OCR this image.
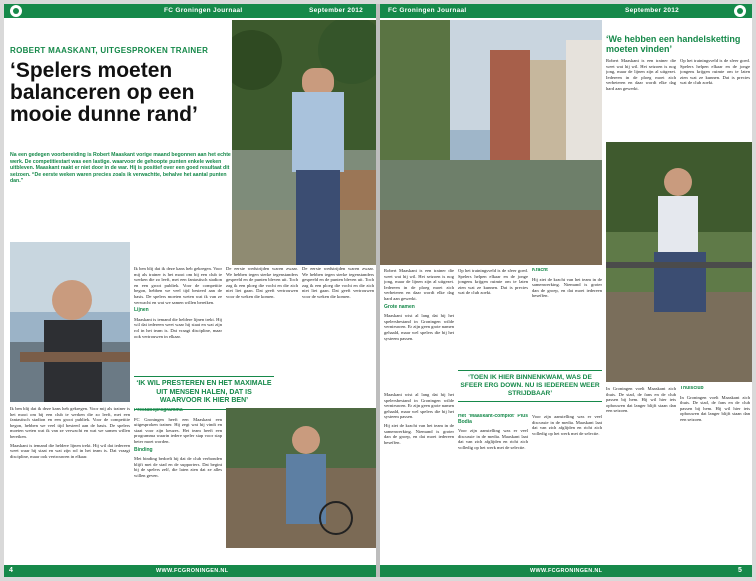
FC Groningen Journaal	September 2012
ROBERT MAASKANT, UITGESPROKEN TRAINER
‘Spelers moeten balanceren op een mooie dunne rand’
Na een gedegen voorbereiding is Robert Maaskant vorige maand begonnen aan het echte werk. De competitiestart was een lastige. waarvoor de gehoopte punten enkele weken uitbleven. Maaskant raakt er niet door in de war. Hij is positief over een goed resultaat dit seizoen. “De eerste weken waren precies zoals ik verwachtte, behalve het aantal punten dan.”
‘IK WIL PRESTEREN EN HET MAXIMALE UIT MENSEN HALEN, DAT IS WAARVOOR IK HIER BEN’

Ik ben blij dat ik deze kans heb gekregen. Voor mij als trainer is het mooi om bij een club te werken die zo leeft, met een fantastisch stadion en een groot publiek. Voor de competitie begon, hebben we veel tijd besteed aan de basis. De spelers moeten weten wat ik van ze verwacht en wat we samen willen bereiken.

Lijnen

Maaskant is iemand die heldere lijnen trekt. Hij wil dat iedereen weet waar hij staat en wat zijn rol in het team is. Dat vraagt discipline, maar ook vertrouwen in elkaar.

De eerste wedstrijden waren zwaar. We hebben tegen sterke tegenstanders gespeeld en de punten bleven uit. Toch zag ik een ploeg die vocht en die zich niet liet gaan. Dat geeft vertrouwen voor de weken die komen.

De eerste wedstrijden waren zwaar. We hebben tegen sterke tegenstanders gespeeld en de punten bleven uit. Toch zag ik een ploeg die vocht en die zich niet liet gaan. Dat geeft vertrouwen voor de weken die komen.

Ik ben blij dat ik deze kans heb gekregen. Voor mij als trainer is het mooi om bij een club te werken die zo leeft, met een fantastisch stadion en een groot publiek. Voor de competitie begon, hebben we veel tijd besteed aan de basis. De spelers moeten weten wat ik van ze verwacht en wat we samen willen bereiken.

Maaskant is iemand die heldere lijnen trekt. Hij wil dat iedereen weet waar hij staat en wat zijn rol in het team is. Dat vraagt discipline, maar ook vertrouwen in elkaar.

Prestatieprogramma

FC Groningen heeft een Maaskant een uitgesproken trainer. Hij zegt wat hij vindt en staat voor zijn keuzes. Het team heeft een programma waarin iedere speler stap voor stap beter moet worden.

Binding

Met binding bedoelt hij dat de club verbonden blijft met de stad en de supporters. Dat begint bij de spelers zelf, die laten zien dat ze alles willen geven.

4	WWW.FCGRONINGEN.NL
FC Groningen Journaal	September 2012
‘We hebben een handelsketting moeten vinden’

Robert Maaskant is een trainer die weet wat hij wil. Het seizoen is nog jong, maar de lijnen zijn al uitgezet. Iedereen in de ploeg moet zich verbeteren en daar wordt elke dag hard aan gewerkt.

Op het trainingsveld is de sfeer goed. Spelers helpen elkaar en de jonge jongens krijgen ruimte om te laten zien wat ze kunnen. Dat is precies wat de club zoekt.

Robert Maaskant is een trainer die weet wat hij wil. Het seizoen is nog jong, maar de lijnen zijn al uitgezet. Iedereen in de ploeg moet zich verbeteren en daar wordt elke dag hard aan gewerkt.

Grote namen

Maaskant wist al lang dat hij het spelersbestand in Groningen wilde vernieuwen. Er zijn geen grote namen gehaald, maar wel spelers die bij het systeem passen.

Op het trainingsveld is de sfeer goed. Spelers helpen elkaar en de jonge jongens krijgen ruimte om te laten zien wat ze kunnen. Dat is precies wat de club zoekt.

Kracht

Hij ziet de kracht van het team in de samenwerking. Niemand is groter dan de groep, en dat moet iedereen beseffen.

‘TOEN IK HIER BINNENKWAM, WAS DE SFEER ERG DOWN. NU IS IEDEREEN WEER STRIJDBAAR’

Maaskant wist al lang dat hij het spelersbestand in Groningen wilde vernieuwen. Er zijn geen grote namen gehaald, maar wel spelers die bij het systeem passen.

Hij ziet de kracht van het team in de samenwerking. Niemand is groter dan de groep, en dat moet iedereen beseffen.

Het ‘Maaskant-complot’ Plus Bodia

Voor zijn aanstelling was er veel discussie in de media. Maaskant laat dat van zich afglijden en richt zich volledig op het werk met de selectie.

Voor zijn aanstelling was er veel discussie in de media. Maaskant laat dat van zich afglijden en richt zich volledig op het werk met de selectie.

In Groningen voelt Maaskant zich thuis. De stad, de fans en de club passen bij hem. Hij wil hier iets opbouwen dat langer blijft staan dan een seizoen.

Thuisclub

In Groningen voelt Maaskant zich thuis. De stad, de fans en de club passen bij hem. Hij wil hier iets opbouwen dat langer blijft staan dan een seizoen.

WWW.FCGRONINGEN.NL	5
